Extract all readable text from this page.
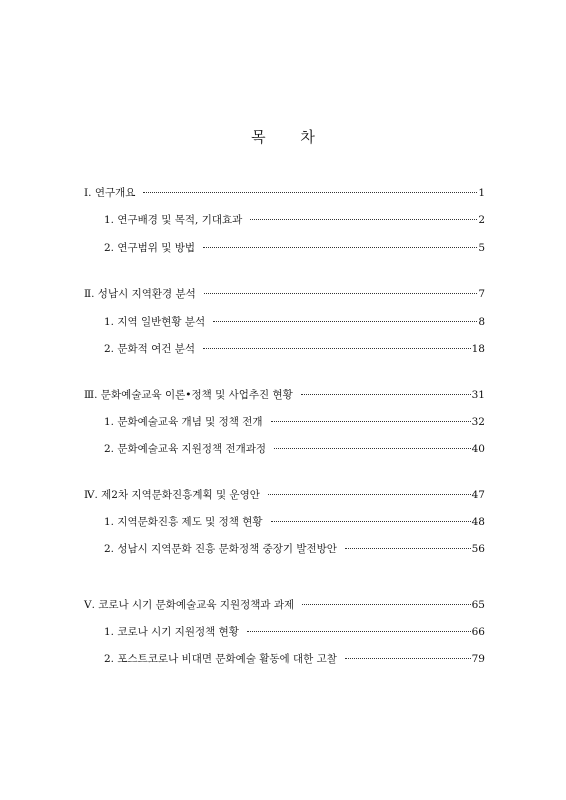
목 차
Ⅰ. 연구개요	1
1. 연구배경 및 목적, 기대효과	2
2. 연구범위 및 방법	5
Ⅱ. 성남시 지역환경 분석	7
1. 지역 일반현황 분석	8
2. 문화적 여건 분석	18
Ⅲ. 문화예술교육 이론•정책 및 사업추진 현황	31
1. 문화예술교육 개념 및 정책 전개	32
2. 문화예술교육 지원정책 전개과정	40
Ⅳ. 제2차 지역문화진흥계획 및 운영안	47
1. 지역문화진흥 제도 및 정책 현황	48
2. 성남시 지역문화 진흥 문화정책 중장기 발전방안	56
Ⅴ. 코로나 시기 문화예술교육 지원정책과 과제	65
1. 코로나 시기 지원정책 현황	66
2. 포스트코로나 비대면 문화예술 활동에 대한 고찰	79
